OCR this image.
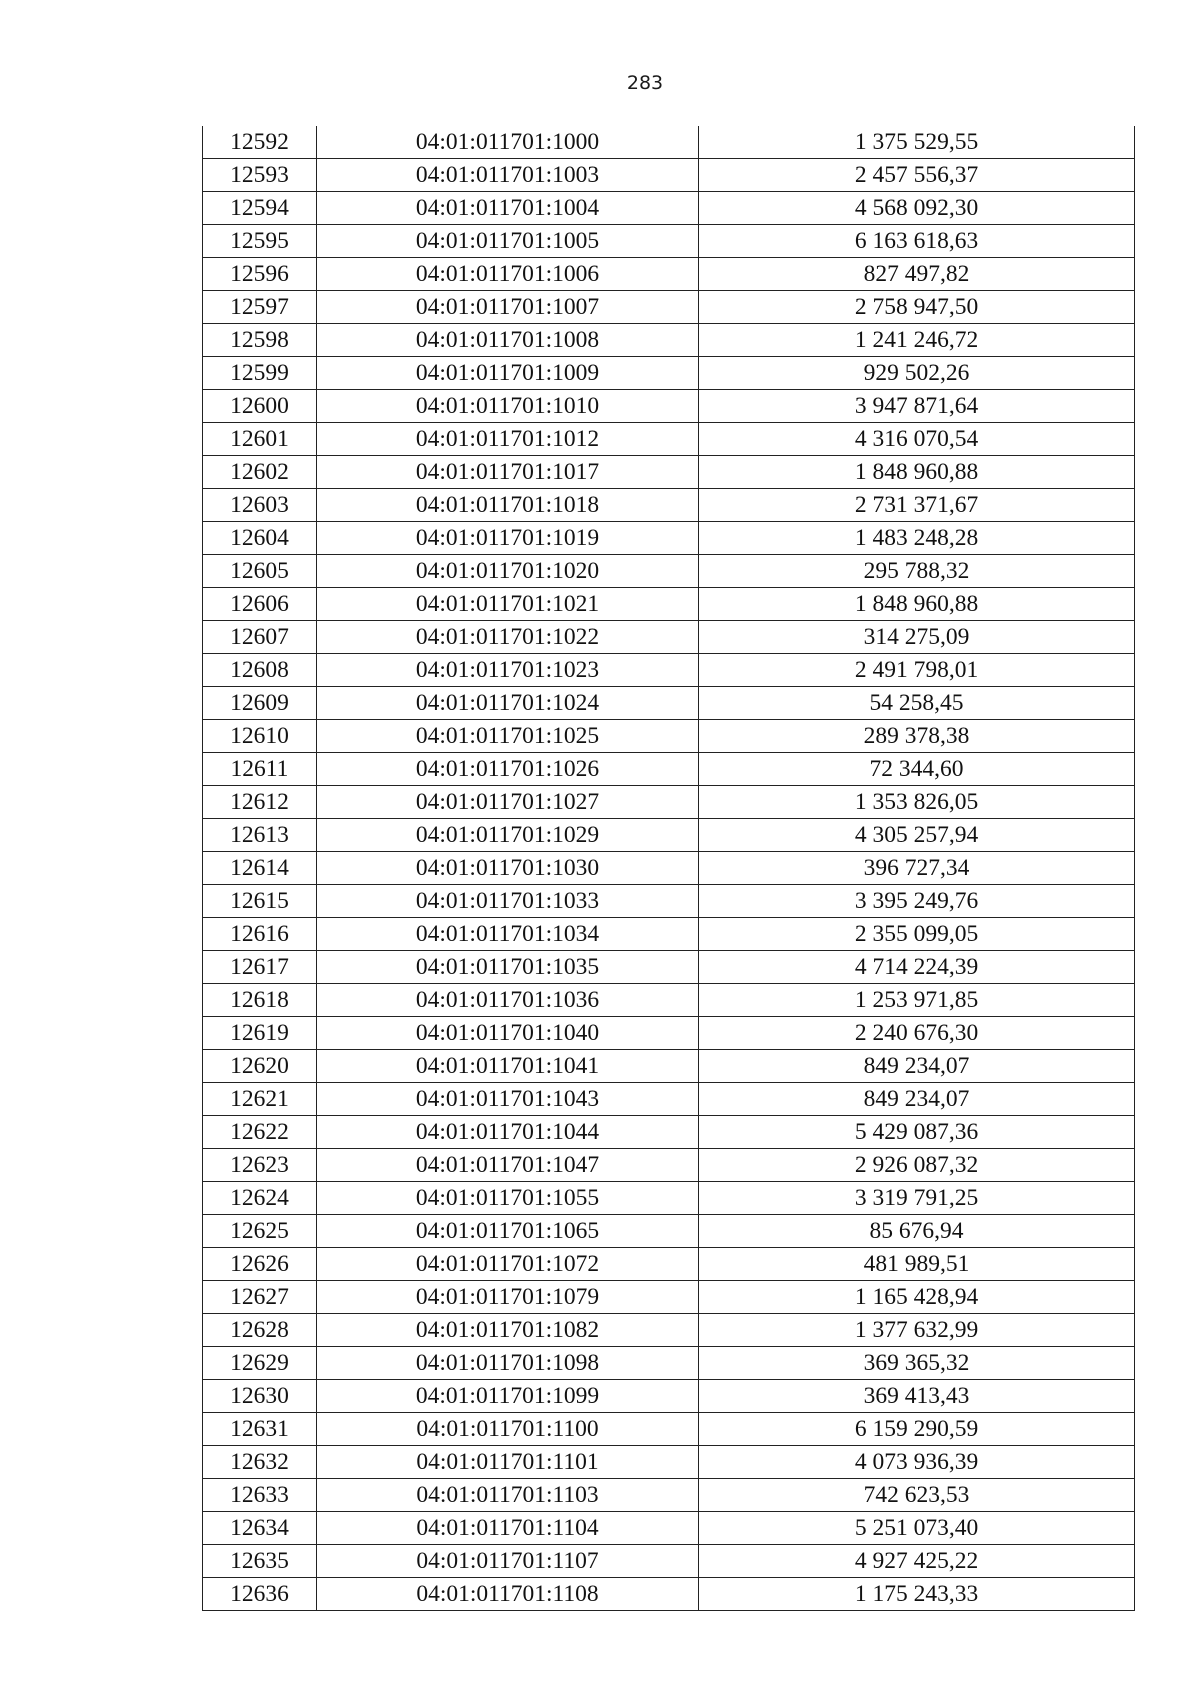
283
12592	04:01:011701:1000	1 375 529,55
12593	04:01:011701:1003	2 457 556,37
12594	04:01:011701:1004	4 568 092,30
12595	04:01:011701:1005	6 163 618,63
12596	04:01:011701:1006	827 497,82
12597	04:01:011701:1007	2 758 947,50
12598	04:01:011701:1008	1 241 246,72
12599	04:01:011701:1009	929 502,26
12600	04:01:011701:1010	3 947 871,64
12601	04:01:011701:1012	4 316 070,54
12602	04:01:011701:1017	1 848 960,88
12603	04:01:011701:1018	2 731 371,67
12604	04:01:011701:1019	1 483 248,28
12605	04:01:011701:1020	295 788,32
12606	04:01:011701:1021	1 848 960,88
12607	04:01:011701:1022	314 275,09
12608	04:01:011701:1023	2 491 798,01
12609	04:01:011701:1024	54 258,45
12610	04:01:011701:1025	289 378,38
12611	04:01:011701:1026	72 344,60
12612	04:01:011701:1027	1 353 826,05
12613	04:01:011701:1029	4 305 257,94
12614	04:01:011701:1030	396 727,34
12615	04:01:011701:1033	3 395 249,76
12616	04:01:011701:1034	2 355 099,05
12617	04:01:011701:1035	4 714 224,39
12618	04:01:011701:1036	1 253 971,85
12619	04:01:011701:1040	2 240 676,30
12620	04:01:011701:1041	849 234,07
12621	04:01:011701:1043	849 234,07
12622	04:01:011701:1044	5 429 087,36
12623	04:01:011701:1047	2 926 087,32
12624	04:01:011701:1055	3 319 791,25
12625	04:01:011701:1065	85 676,94
12626	04:01:011701:1072	481 989,51
12627	04:01:011701:1079	1 165 428,94
12628	04:01:011701:1082	1 377 632,99
12629	04:01:011701:1098	369 365,32
12630	04:01:011701:1099	369 413,43
12631	04:01:011701:1100	6 159 290,59
12632	04:01:011701:1101	4 073 936,39
12633	04:01:011701:1103	742 623,53
12634	04:01:011701:1104	5 251 073,40
12635	04:01:011701:1107	4 927 425,22
12636	04:01:011701:1108	1 175 243,33
